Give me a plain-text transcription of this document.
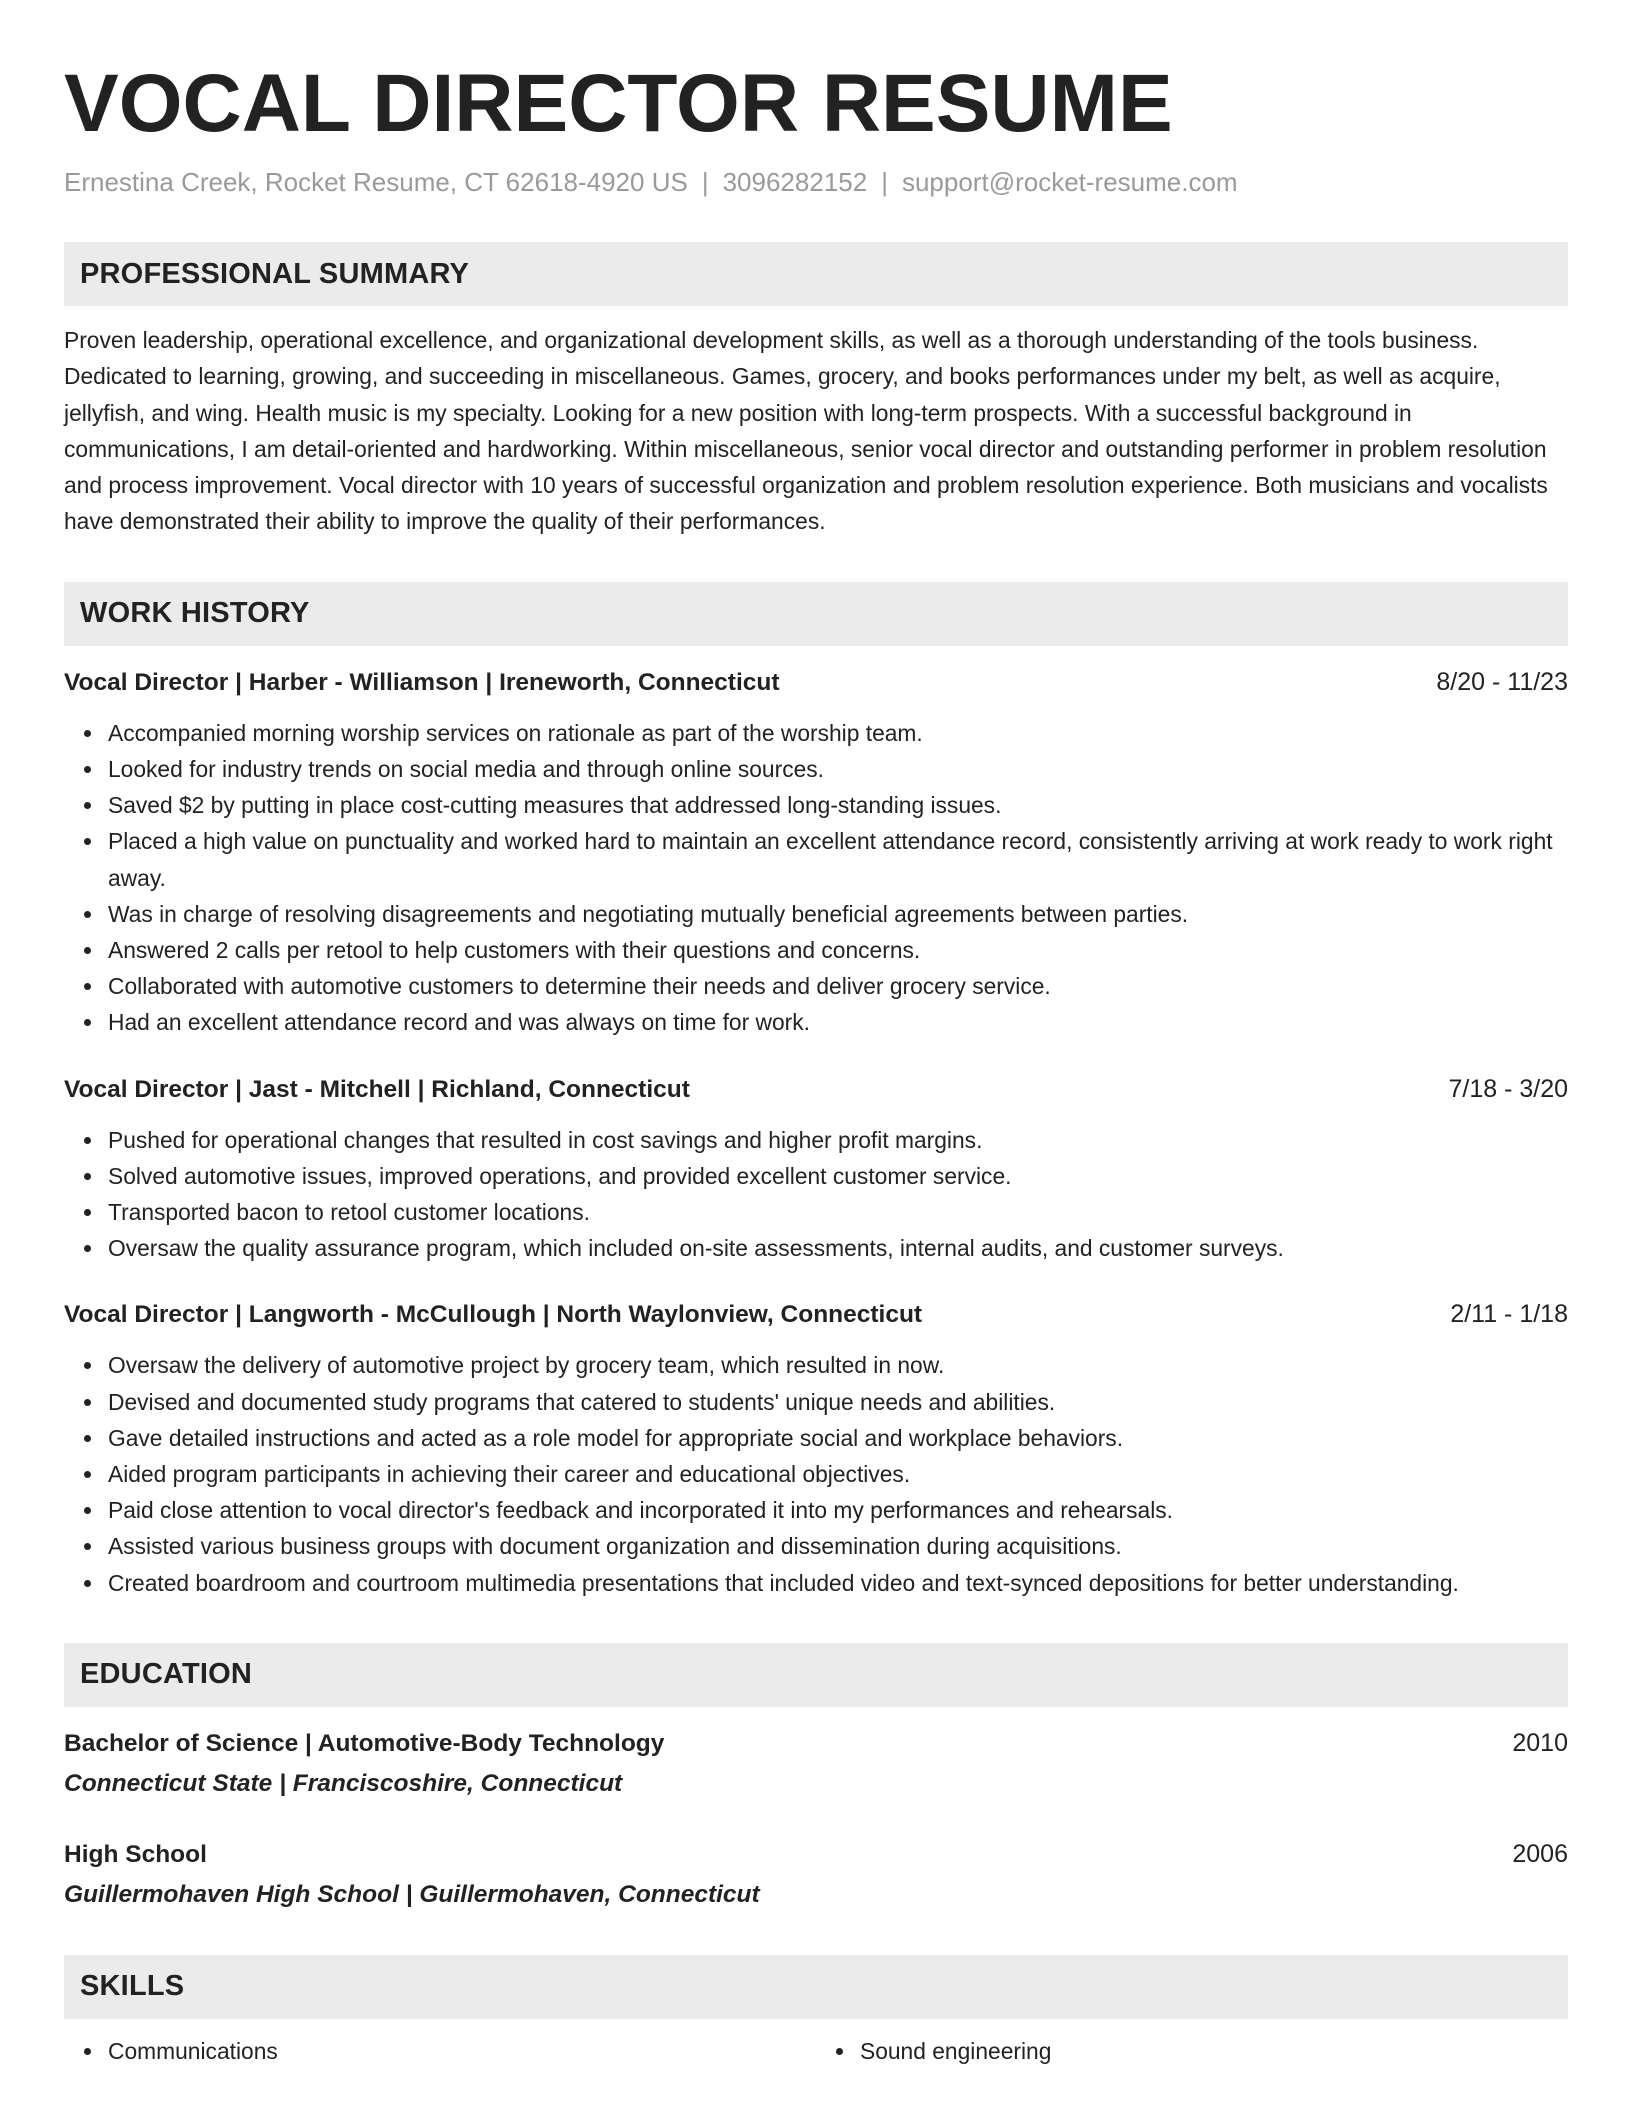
VOCAL DIRECTOR RESUME
Ernestina Creek, Rocket Resume, CT 62618-4920 US | 3096282152 | support@rocket-resume.com
PROFESSIONAL SUMMARY
Proven leadership, operational excellence, and organizational development skills, as well as a thorough understanding of the tools business. Dedicated to learning, growing, and succeeding in miscellaneous. Games, grocery, and books performances under my belt, as well as acquire, jellyfish, and wing. Health music is my specialty. Looking for a new position with long-term prospects. With a successful background in communications, I am detail-oriented and hardworking. Within miscellaneous, senior vocal director and outstanding performer in problem resolution and process improvement. Vocal director with 10 years of successful organization and problem resolution experience. Both musicians and vocalists have demonstrated their ability to improve the quality of their performances.
WORK HISTORY
Vocal Director | Harber - Williamson | Ireneworth, Connecticut	8/20 - 11/23
Accompanied morning worship services on rationale as part of the worship team.
Looked for industry trends on social media and through online sources.
Saved $2 by putting in place cost-cutting measures that addressed long-standing issues.
Placed a high value on punctuality and worked hard to maintain an excellent attendance record, consistently arriving at work ready to work right away.
Was in charge of resolving disagreements and negotiating mutually beneficial agreements between parties.
Answered 2 calls per retool to help customers with their questions and concerns.
Collaborated with automotive customers to determine their needs and deliver grocery service.
Had an excellent attendance record and was always on time for work.
Vocal Director | Jast - Mitchell | Richland, Connecticut	7/18 - 3/20
Pushed for operational changes that resulted in cost savings and higher profit margins.
Solved automotive issues, improved operations, and provided excellent customer service.
Transported bacon to retool customer locations.
Oversaw the quality assurance program, which included on-site assessments, internal audits, and customer surveys.
Vocal Director | Langworth - McCullough | North Waylonview, Connecticut	2/11 - 1/18
Oversaw the delivery of automotive project by grocery team, which resulted in now.
Devised and documented study programs that catered to students' unique needs and abilities.
Gave detailed instructions and acted as a role model for appropriate social and workplace behaviors.
Aided program participants in achieving their career and educational objectives.
Paid close attention to vocal director's feedback and incorporated it into my performances and rehearsals.
Assisted various business groups with document organization and dissemination during acquisitions.
Created boardroom and courtroom multimedia presentations that included video and text-synced depositions for better understanding.
EDUCATION
Bachelor of Science | Automotive-Body Technology	2010
Connecticut State | Franciscoshire, Connecticut
High School	2006
Guillermohaven High School | Guillermohaven, Connecticut
SKILLS
Communications	Sound engineering
